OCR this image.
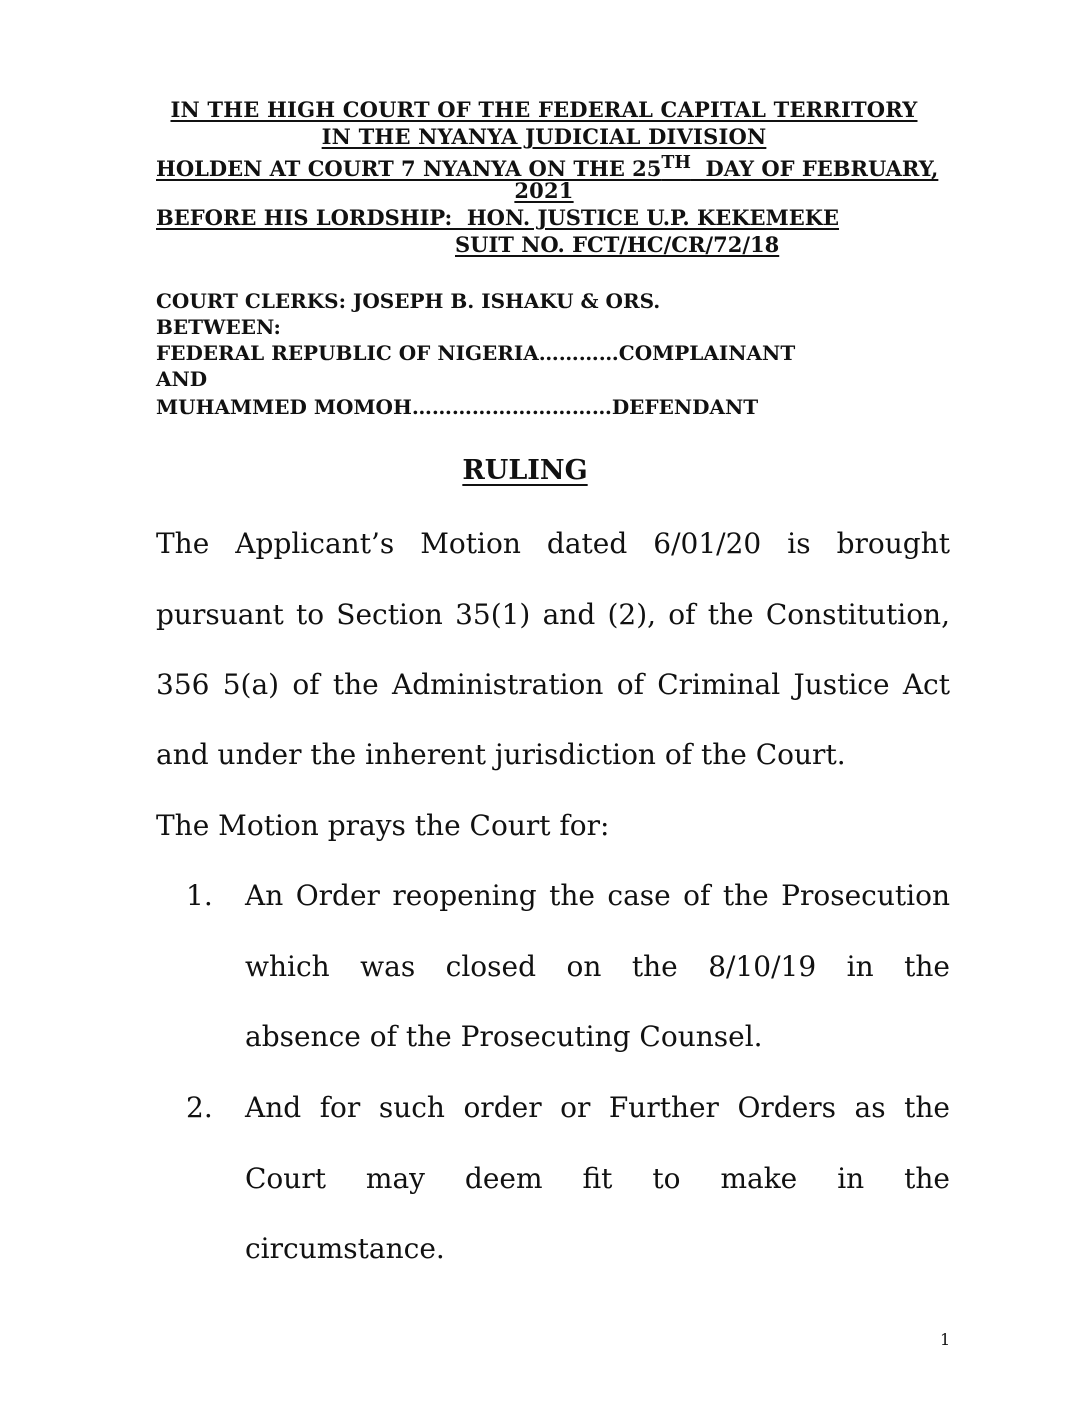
IN THE HIGH COURT OF THE FEDERAL CAPITAL TERRITORY
IN THE NYANYA JUDICIAL DIVISION
HOLDEN AT COURT 7 NYANYA ON THE 25TH  DAY OF FEBRUARY,
2021
BEFORE HIS LORDSHIP:  HON. JUSTICE U.P. KEKEMEKE
SUIT NO. FCT/HC/CR/72/18
COURT CLERKS: JOSEPH B. ISHAKU & ORS.
BETWEEN:
FEDERAL REPUBLIC OF NIGERIA…………COMPLAINANT
AND
MUHAMMED MOMOH…………………………DEFENDANT
RULING
The Applicant’s Motion dated 6/01/20 is brought
pursuant to Section 35(1) and (2), of the Constitution,
356 5(a) of the Administration of Criminal Justice Act
and under the inherent jurisdiction of the Court.
The Motion prays the Court for:
1. An Order reopening the case of the Prosecution
which was closed on the 8/10/19 in the
absence of the Prosecuting Counsel.
2. And for such order or Further Orders as the
Court may deem fit to make in the
circumstance.
1
